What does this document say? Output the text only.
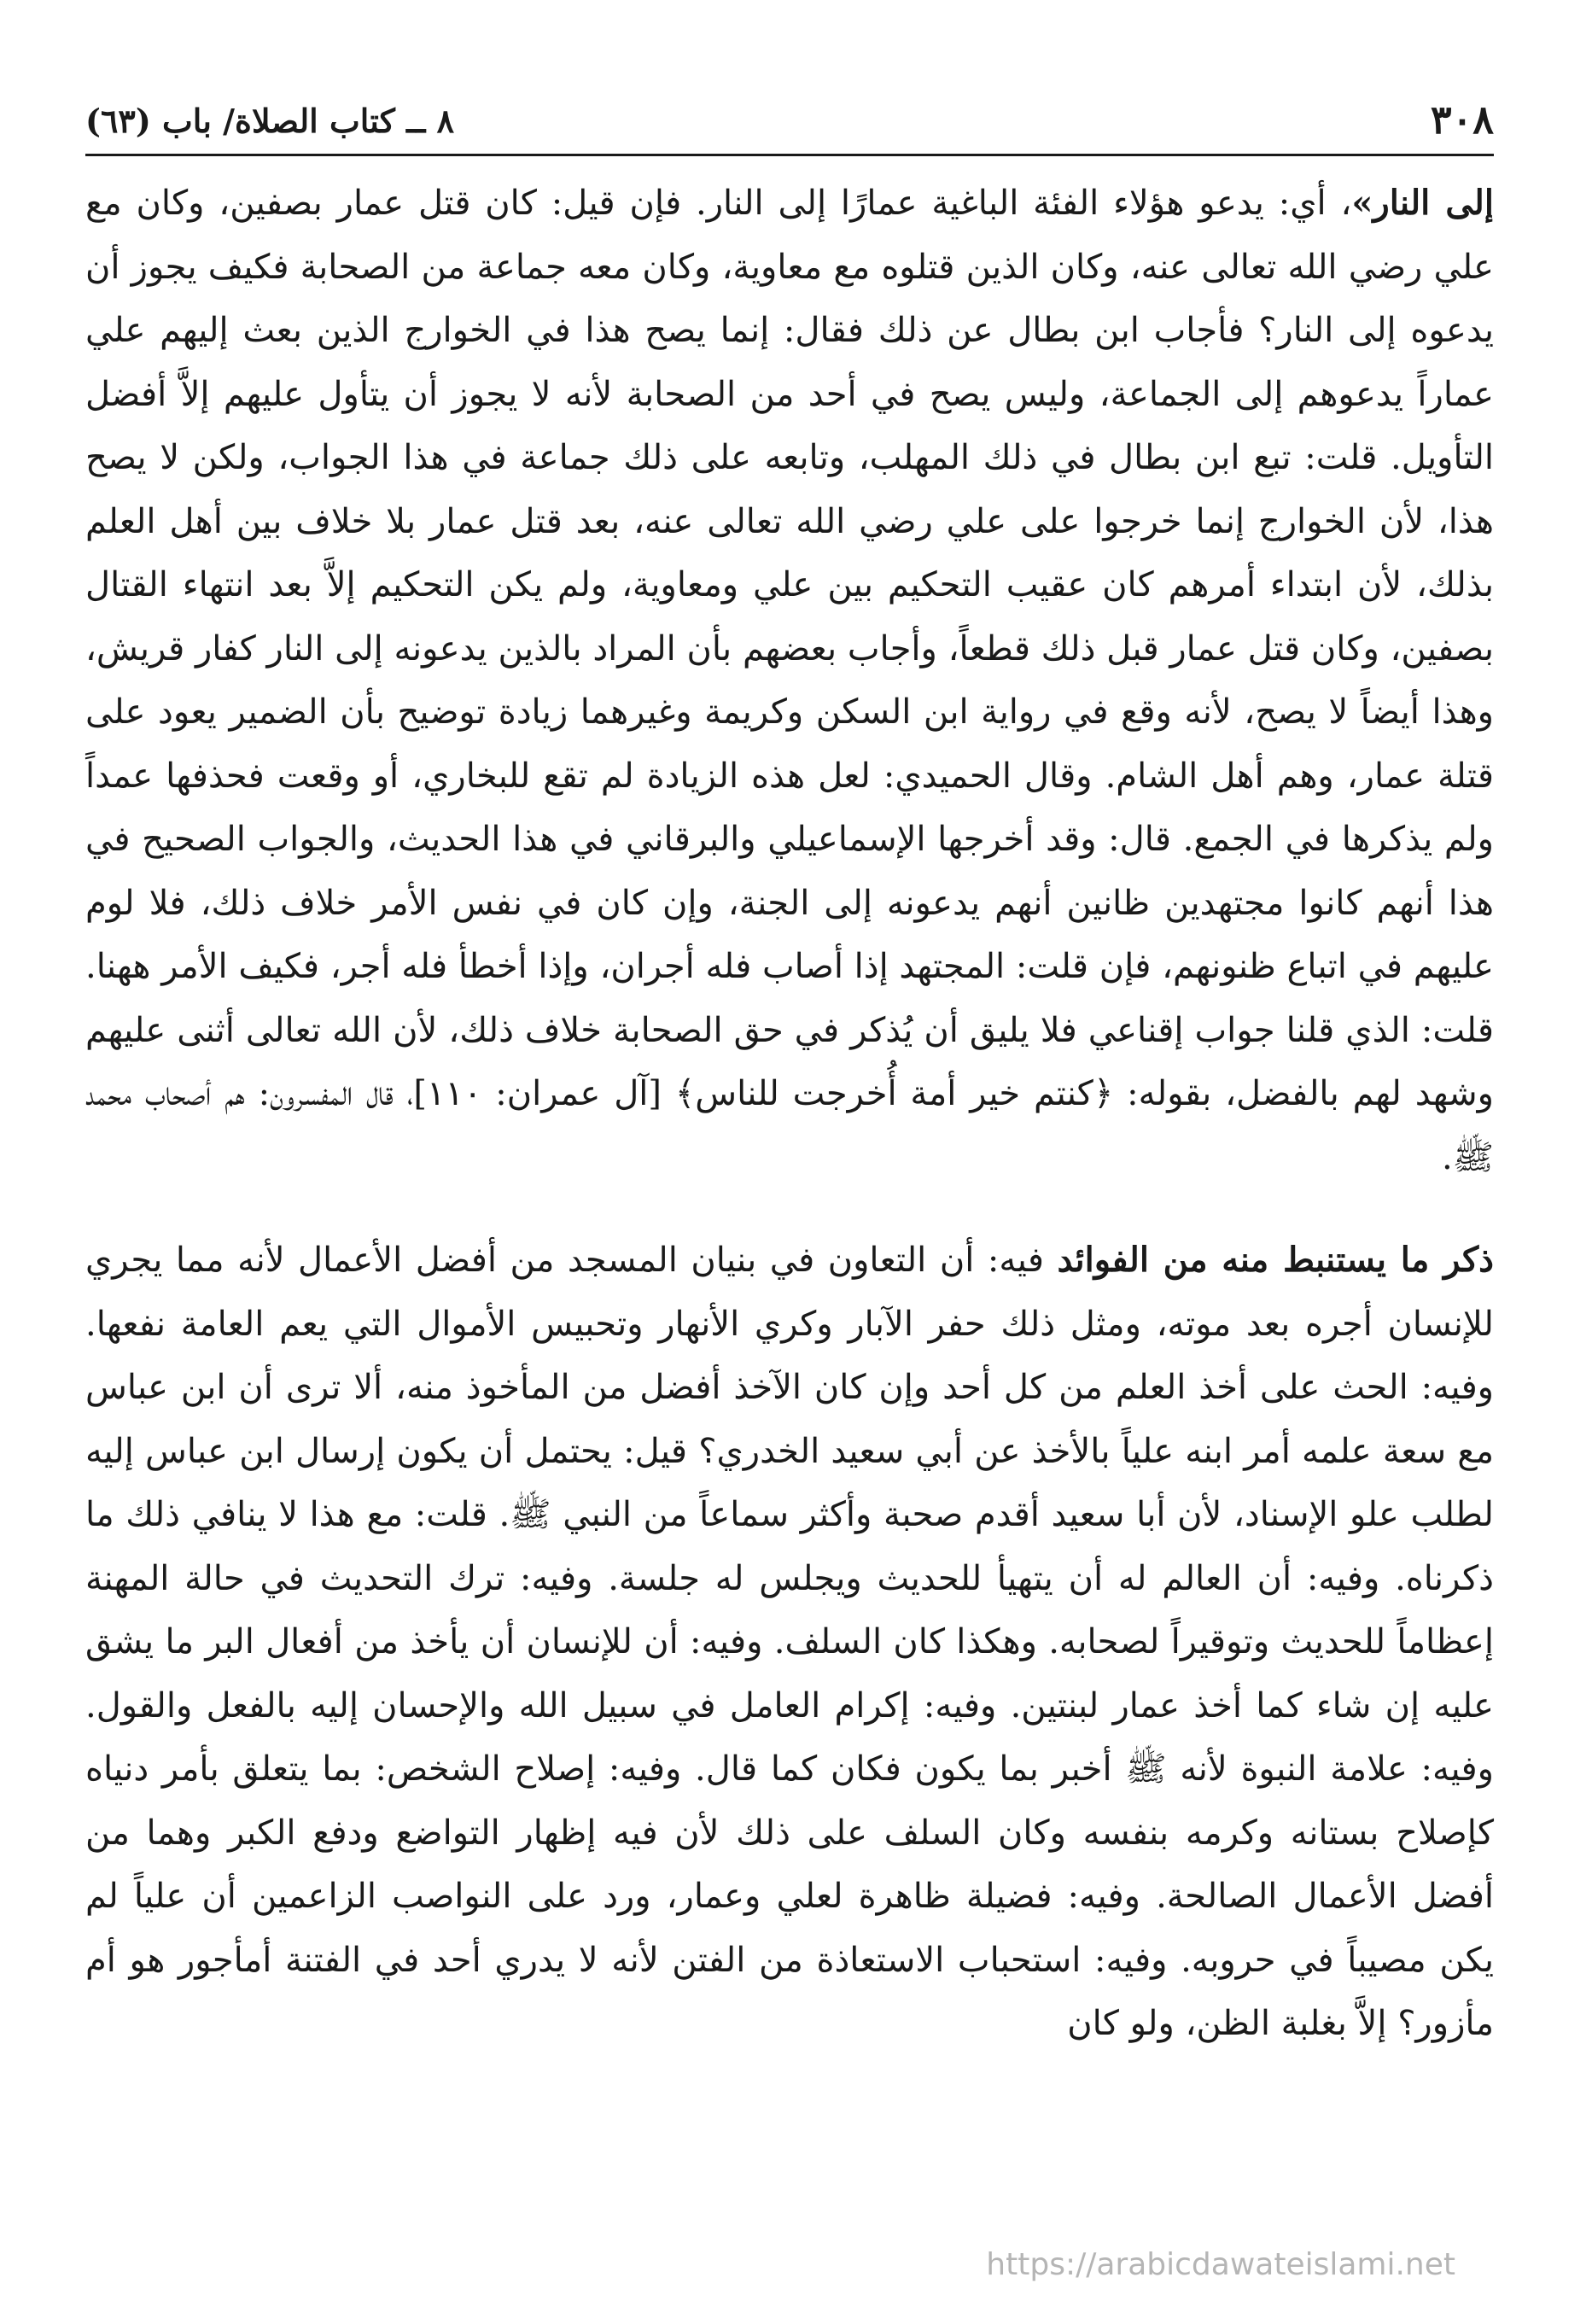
٣٠٨
٨ ــ كتاب الصلاة/ باب (٦٣)

إلى النار»، أي: يدعو هؤلاء الفئة الباغية عمارًا إلى النار. فإن قيل: كان قتل عمار بصفين، وكان مع علي رضي الله تعالى عنه، وكان الذين قتلوه مع معاوية، وكان معه جماعة من الصحابة فكيف يجوز أن يدعوه إلى النار؟ فأجاب ابن بطال عن ذلك فقال: إنما يصح هذا في الخوارج الذين بعث إليهم علي عماراً يدعوهم إلى الجماعة، وليس يصح في أحد من الصحابة لأنه لا يجوز أن يتأول عليهم إلاَّ أفضل التأويل. قلت: تبع ابن بطال في ذلك المهلب، وتابعه على ذلك جماعة في هذا الجواب، ولكن لا يصح هذا، لأن الخوارج إنما خرجوا على علي رضي الله تعالى عنه، بعد قتل عمار بلا خلاف بين أهل العلم بذلك، لأن ابتداء أمرهم كان عقيب التحكيم بين علي ومعاوية، ولم يكن التحكيم إلاَّ بعد انتهاء القتال بصفين، وكان قتل عمار قبل ذلك قطعاً، وأجاب بعضهم بأن المراد بالذين يدعونه إلى النار كفار قريش، وهذا أيضاً لا يصح، لأنه وقع في رواية ابن السكن وكريمة وغيرهما زيادة توضيح بأن الضمير يعود على قتلة عمار، وهم أهل الشام. وقال الحميدي: لعل هذه الزيادة لم تقع للبخاري، أو وقعت فحذفها عمداً ولم يذكرها في الجمع. قال: وقد أخرجها الإسماعيلي والبرقاني في هذا الحديث، والجواب الصحيح في هذا أنهم كانوا مجتهدين ظانين أنهم يدعونه إلى الجنة، وإن كان في نفس الأمر خلاف ذلك، فلا لوم عليهم في اتباع ظنونهم، فإن قلت: المجتهد إذا أصاب فله أجران، وإذا أخطأ فله أجر، فكيف الأمر ههنا. قلت: الذي قلنا جواب إقناعي فلا يليق أن يُذكر في حق الصحابة خلاف ذلك، لأن الله تعالى أثنى عليهم وشهد لهم بالفضل، بقوله: ﴿كنتم خير أمة أُخرجت للناس﴾ [آل عمران: ١١٠]، قال المفسرون: هم أصحاب محمد ﷺ.

ذكر ما يستنبط منه من الفوائد فيه: أن التعاون في بنيان المسجد من أفضل الأعمال لأنه مما يجري للإنسان أجره بعد موته، ومثل ذلك حفر الآبار وكري الأنهار وتحبيس الأموال التي يعم العامة نفعها. وفيه: الحث على أخذ العلم من كل أحد وإن كان الآخذ أفضل من المأخوذ منه، ألا ترى أن ابن عباس مع سعة علمه أمر ابنه علياً بالأخذ عن أبي سعيد الخدري؟ قيل: يحتمل أن يكون إرسال ابن عباس إليه لطلب علو الإسناد، لأن أبا سعيد أقدم صحبة وأكثر سماعاً من النبي ﷺ. قلت: مع هذا لا ينافي ذلك ما ذكرناه. وفيه: أن العالم له أن يتهيأ للحديث ويجلس له جلسة. وفيه: ترك التحديث في حالة المهنة إعظاماً للحديث وتوقيراً لصحابه. وهكذا كان السلف. وفيه: أن للإنسان أن يأخذ من أفعال البر ما يشق عليه إن شاء كما أخذ عمار لبنتين. وفيه: إكرام العامل في سبيل الله والإحسان إليه بالفعل والقول. وفيه: علامة النبوة لأنه ﷺ أخبر بما يكون فكان كما قال. وفيه: إصلاح الشخص: بما يتعلق بأمر دنياه كإصلاح بستانه وكرمه بنفسه وكان السلف على ذلك لأن فيه إظهار التواضع ودفع الكبر وهما من أفضل الأعمال الصالحة. وفيه: فضيلة ظاهرة لعلي وعمار، ورد على النواصب الزاعمين أن علياً لم يكن مصيباً في حروبه. وفيه: استحباب الاستعاذة من الفتن لأنه لا يدري أحد في الفتنة أمأجور هو أم مأزور؟ إلاَّ بغلبة الظن، ولو كان

https://arabicdawateislami.net
